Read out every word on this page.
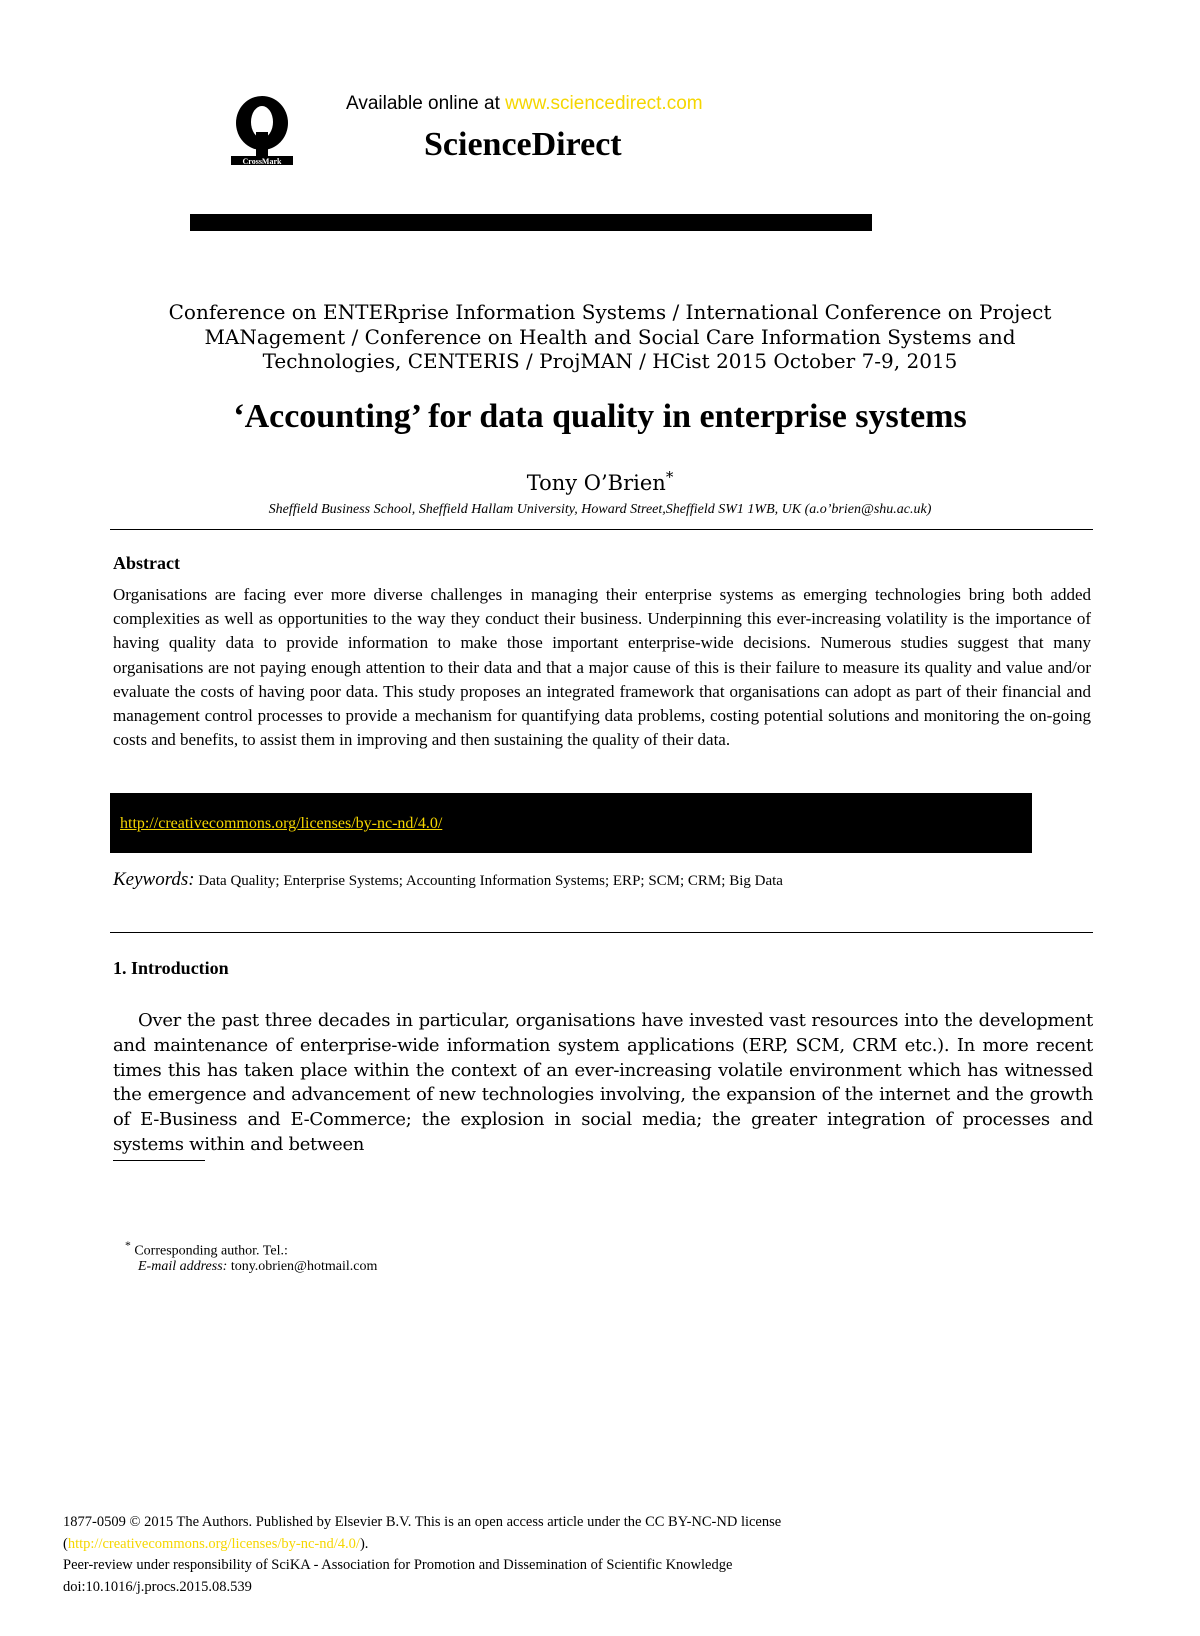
CrossMark
Available online at www.sciencedirect.com
ScienceDirect
Conference on ENTERprise Information Systems / International Conference on Project MANagement / Conference on Health and Social Care Information Systems and Technologies, CENTERIS / ProjMAN / HCist 2015 October 7-9, 2015
‘Accounting’ for data quality in enterprise systems
Tony O’Brien*
Sheffield Business School, Sheffield Hallam University, Howard Street,Sheffield SW1 1WB, UK (a.o’brien@shu.ac.uk)
Abstract
Organisations are facing ever more diverse challenges in managing their enterprise systems as emerging technologies bring both added complexities as well as opportunities to the way they conduct their business. Underpinning this ever-increasing volatility is the importance of having quality data to provide information to make those important enterprise-wide decisions. Numerous studies suggest that many organisations are not paying enough attention to their data and that a major cause of this is their failure to measure its quality and value and/or evaluate the costs of having poor data. This study proposes an integrated framework that organisations can adopt as part of their financial and management control processes to provide a mechanism for quantifying data problems, costing potential solutions and monitoring the on-going costs and benefits, to assist them in improving and then sustaining the quality of their data.
http://creativecommons.org/licenses/by-nc-nd/4.0/
Keywords: Data Quality; Enterprise Systems; Accounting Information Systems; ERP; SCM; CRM; Big Data
1. Introduction
Over the past three decades in particular, organisations have invested vast resources into the development and maintenance of enterprise-wide information system applications (ERP, SCM, CRM etc.). In more recent times this has taken place within the context of an ever-increasing volatile environment which has witnessed the emergence and advancement of new technologies involving, the expansion of the internet and the growth of E-Business and E-Commerce; the explosion in social media; the greater integration of processes and systems within and between
* Corresponding author. Tel.:
E-mail address: tony.obrien@hotmail.com
1877-0509 © 2015 The Authors. Published by Elsevier B.V. This is an open access article under the CC BY-NC-ND license
(http://creativecommons.org/licenses/by-nc-nd/4.0/).
Peer-review under responsibility of SciKA - Association for Promotion and Dissemination of Scientific Knowledge
doi:10.1016/j.procs.2015.08.539
